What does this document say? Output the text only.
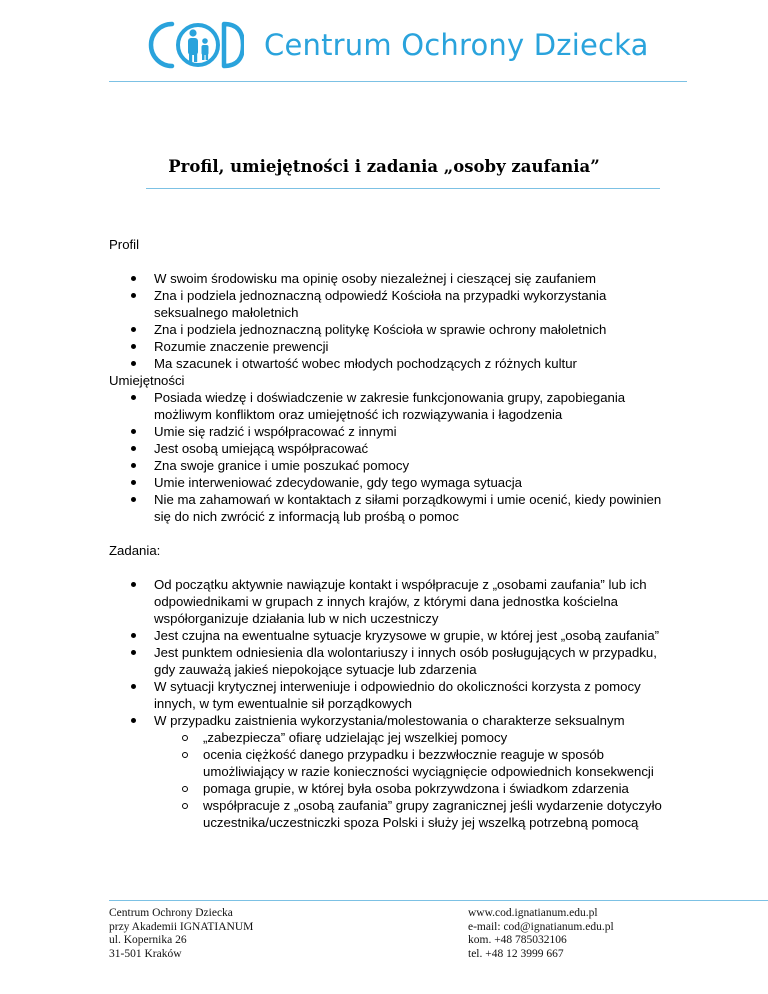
Centrum Ochrony Dziecka
Profil, umiejętności i zadania „osoby zaufania”

Profil

W swoim środowisku ma opinię osoby niezależnej i cieszącej się zaufaniem
Zna i podziela jednoznaczną odpowiedź Kościoła na przypadki wykorzystania seksualnego małoletnich
Zna i podziela jednoznaczną politykę Kościoła w sprawie ochrony małoletnich
Rozumie znaczenie prewencji
Ma szacunek i otwartość wobec młodych pochodzących z różnych kultur

Umiejętności

Posiada wiedzę i doświadczenie w zakresie funkcjonowania grupy, zapobiegania możliwym konfliktom oraz umiejętność ich rozwiązywania i łagodzenia
Umie się radzić i współpracować z innymi
Jest osobą umiejącą współpracować
Zna swoje granice i umie poszukać pomocy
Umie interweniować zdecydowanie, gdy tego wymaga sytuacja
Nie ma zahamowań w kontaktach z siłami porządkowymi i umie ocenić, kiedy powinien się do nich zwrócić z informacją lub prośbą o pomoc

Zadania:

Od początku aktywnie nawiązuje kontakt i współpracuje z „osobami zaufania” lub ich odpowiednikami w grupach z innych krajów, z którymi dana jednostka kościelna współorganizuje działania lub w nich uczestniczy
Jest czujna na ewentualne sytuacje kryzysowe w grupie, w której jest „osobą zaufania”
Jest punktem odniesienia dla wolontariuszy i innych osób posługujących w przypadku, gdy zauważą jakieś niepokojące sytuacje lub zdarzenia
W sytuacji krytycznej interweniuje i odpowiednio do okoliczności korzysta z pomocy innych, w tym ewentualnie sił porządkowych
W przypadku zaistnienia wykorzystania/molestowania o charakterze seksualnym
„zabezpiecza” ofiarę udzielając jej wszelkiej pomocy
ocenia ciężkość danego przypadku i bezzwłocznie reaguje w sposób umożliwiający w razie konieczności wyciągnięcie odpowiednich konsekwencji
pomaga grupie, w której była osoba pokrzywdzona i świadkom zdarzenia
współpracuje z „osobą zaufania” grupy zagranicznej jeśli wydarzenie dotyczyło uczestnika/uczestniczki spoza Polski i służy jej wszelką potrzebną pomocą
Centrum Ochrony Dziecka
przy Akademii IGNATIANUM
ul. Kopernika 26
31-501 Kraków
www.cod.ignatianum.edu.pl
e-mail: cod@ignatianum.edu.pl
kom. +48 785032106
tel. +48 12 3999 667
